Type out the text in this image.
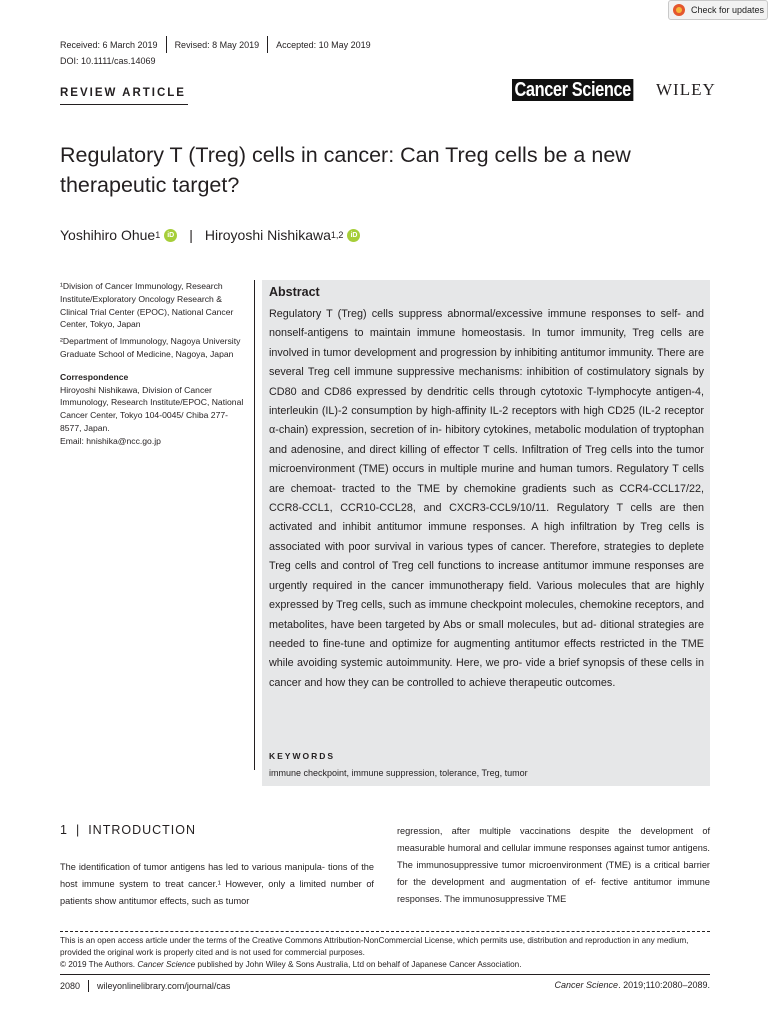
Check for updates
Received: 6 March 2019 Revised: 8 May 2019 Accepted: 10 May 2019
DOI: 10.1111/cas.14069
REVIEW ARTICLE	Cancer Science WILEY
Regulatory T (Treg) cells in cancer: Can Treg cells be a new therapeutic target?
Yoshihiro Ohue 1	iD | Hiroyoshi Nishikawa 1,2	iD

¹Division of Cancer Immunology, Research Institute/Exploratory Oncology Research & Clinical Trial Center (EPOC), National Cancer Center, Tokyo, Japan

²Department of Immunology, Nagoya University Graduate School of Medicine, Nagoya, Japan

Correspondence

Hiroyoshi Nishikawa, Division of Cancer Immunology, Research Institute/EPOC, National Cancer Center, Tokyo 104-0045/ Chiba 277-8577, Japan.

Email: hnishika@ncc.go.jp

Abstract
Regulatory T (Treg) cells suppress abnormal/excessive immune responses to self- and nonself-antigens to maintain immune homeostasis. In tumor immunity, Treg cells are involved in tumor development and progression by inhibiting antitumor immunity. There are several Treg cell immune suppressive mechanisms: inhibition of costimulatory signals by CD80 and CD86 expressed by dendritic cells through cytotoxic T-lymphocyte antigen-4, interleukin (IL)-2 consumption by high-affinity IL-2 receptors with high CD25 (IL-2 receptor α-chain) expression, secretion of in- hibitory cytokines, metabolic modulation of tryptophan and adenosine, and direct killing of effector T cells. Infiltration of Treg cells into the tumor microenvironment (TME) occurs in multiple murine and human tumors. Regulatory T cells are chemoat- tracted to the TME by chemokine gradients such as CCR4-CCL17/22, CCR8-CCL1, CCR10-CCL28, and CXCR3-CCL9/10/11. Regulatory T cells are then activated and inhibit antitumor immune responses. A high infiltration by Treg cells is associated with poor survival in various types of cancer. Therefore, strategies to deplete Treg cells and control of Treg cell functions to increase antitumor immune responses are urgently required in the cancer immunotherapy field. Various molecules that are highly expressed by Treg cells, such as immune checkpoint molecules, chemokine receptors, and metabolites, have been targeted by Abs or small molecules, but ad- ditional strategies are needed to fine-tune and optimize for augmenting antitumor effects restricted in the TME while avoiding systemic autoimmunity. Here, we pro- vide a brief synopsis of these cells in cancer and how they can be controlled to achieve therapeutic outcomes.
KEYWORDS
immune checkpoint, immune suppression, tolerance, Treg, tumor
1 | INTRODUCTION
The identification of tumor antigens has led to various manipula- tions of the host immune system to treat cancer.¹ However, only a limited number of patients show antitumor effects, such as tumor
regression, after multiple vaccinations despite the development of measurable humoral and cellular immune responses against tumor antigens. The immunosuppressive tumor microenvironment (TME) is a critical barrier for the development and augmentation of ef- fective antitumor immune responses. The immunosuppressive TME
This is an open access article under the terms of the Creative Commons Attribution-NonCommercial License, which permits use, distribution and reproduction in any medium, provided the original work is properly cited and is not used for commercial purposes.
© 2019 The Authors. Cancer Science published by John Wiley & Sons Australia, Ltd on behalf of Japanese Cancer Association.
2080 wileyonlinelibrary.com/journal/cas	Cancer Science. 2019;110:2080–2089.
